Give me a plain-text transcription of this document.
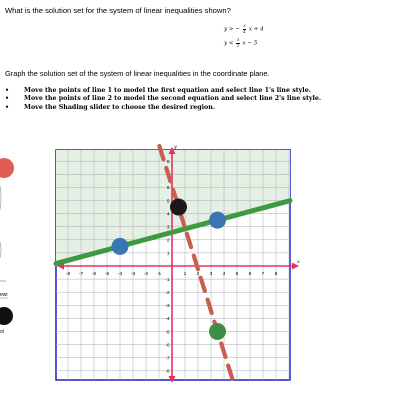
What is the solution set for the system of linear inequalities shown?
y > − $\frac{3}{4}$ x + 4
$y < \frac{3}{2}$ x − 5
Graph the solution set of the system of linear inequalities in the coordinate plane.
• Move the points of line 1 to model the first equation and select line 1's line style.
• Move the points of line 2 to model the second equation and select line 2's line style.
• Move the Shading slider to choose the desired region.
ewi
ol
x
y
-8 -7 -6 -5 -4 -3 -2 -1	1 2 3 4 5 6 7 8
1
2
3
4
5
6
8
-1
-2
-3
-4
-5
-6
-7
-8
